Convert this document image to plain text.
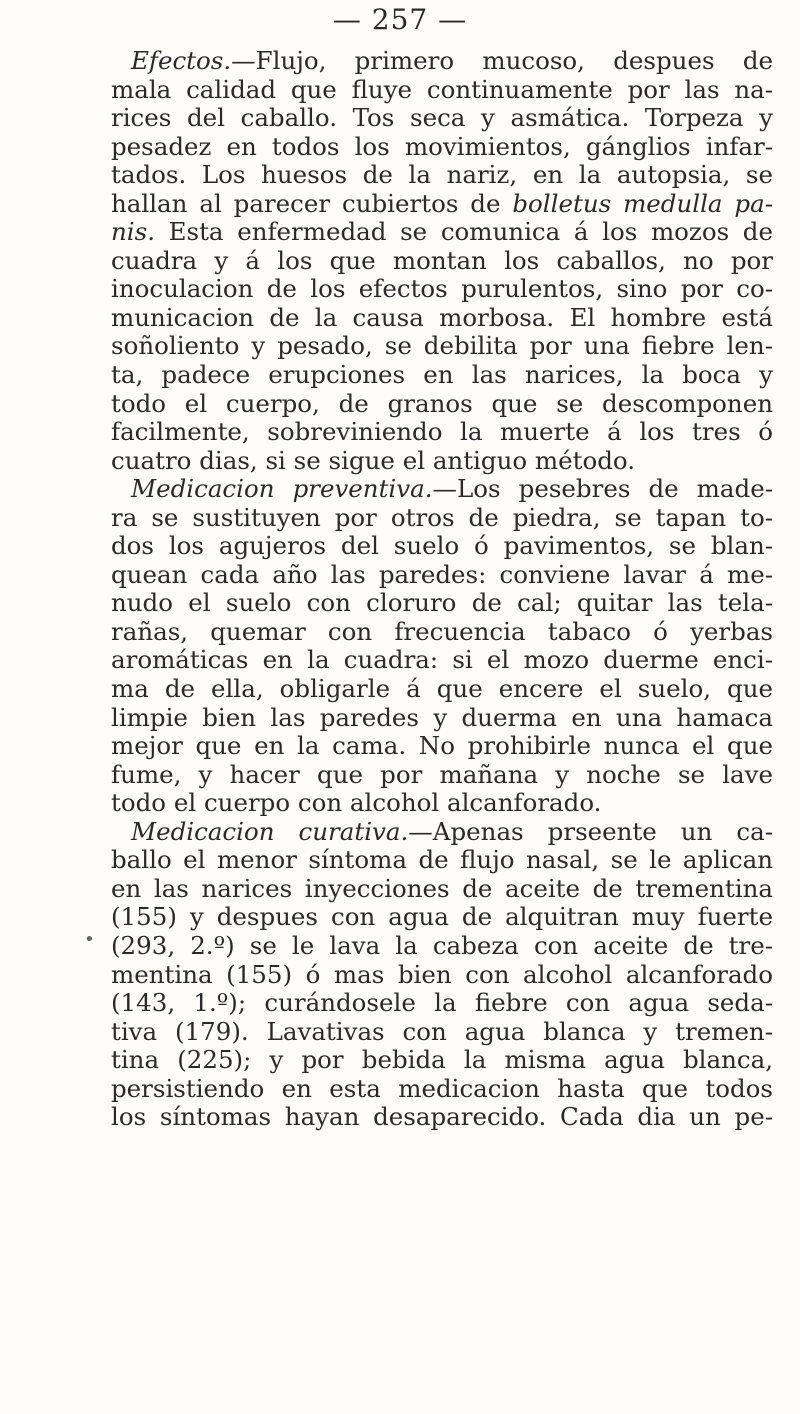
— 257 —
Efectos.—Flujo, primero mucoso, despues de
mala calidad que fluye continuamente por las na-
rices del caballo. Tos seca y asmática. Torpeza y
pesadez en todos los movimientos, gánglios infar-
tados. Los huesos de la nariz, en la autopsia, se
hallan al parecer cubiertos de bolletus medulla pa-
nis. Esta enfermedad se comunica á los mozos de
cuadra y á los que montan los caballos, no por
inoculacion de los efectos purulentos, sino por co-
municacion de la causa morbosa. El hombre está
soñoliento y pesado, se debilita por una fiebre len-
ta, padece erupciones en las narices, la boca y
todo el cuerpo, de granos que se descomponen
facilmente, sobreviniendo la muerte á los tres ó
cuatro dias, si se sigue el antiguo método.
Medicacion preventiva.—Los pesebres de made-
ra se sustituyen por otros de piedra, se tapan to-
dos los agujeros del suelo ó pavimentos, se blan-
quean cada año las paredes: conviene lavar á me-
nudo el suelo con cloruro de cal; quitar las tela-
rañas, quemar con frecuencia tabaco ó yerbas
aromáticas en la cuadra: si el mozo duerme enci-
ma de ella, obligarle á que encere el suelo, que
limpie bien las paredes y duerma en una hamaca
mejor que en la cama. No prohibirle nunca el que
fume, y hacer que por mañana y noche se lave
todo el cuerpo con alcohol alcanforado.
Medicacion curativa.—Apenas prseente un ca-
ballo el menor síntoma de flujo nasal, se le aplican
en las narices inyecciones de aceite de trementina
(155) y despues con agua de alquitran muy fuerte
(293, 2.º) se le lava la cabeza con aceite de tre-
mentina (155) ó mas bien con alcohol alcanforado
(143, 1.º); curándosele la fiebre con agua seda-
tiva (179). Lavativas con agua blanca y tremen-
tina (225); y por bebida la misma agua blanca,
persistiendo en esta medicacion hasta que todos
los síntomas hayan desaparecido. Cada dia un pe-
•
